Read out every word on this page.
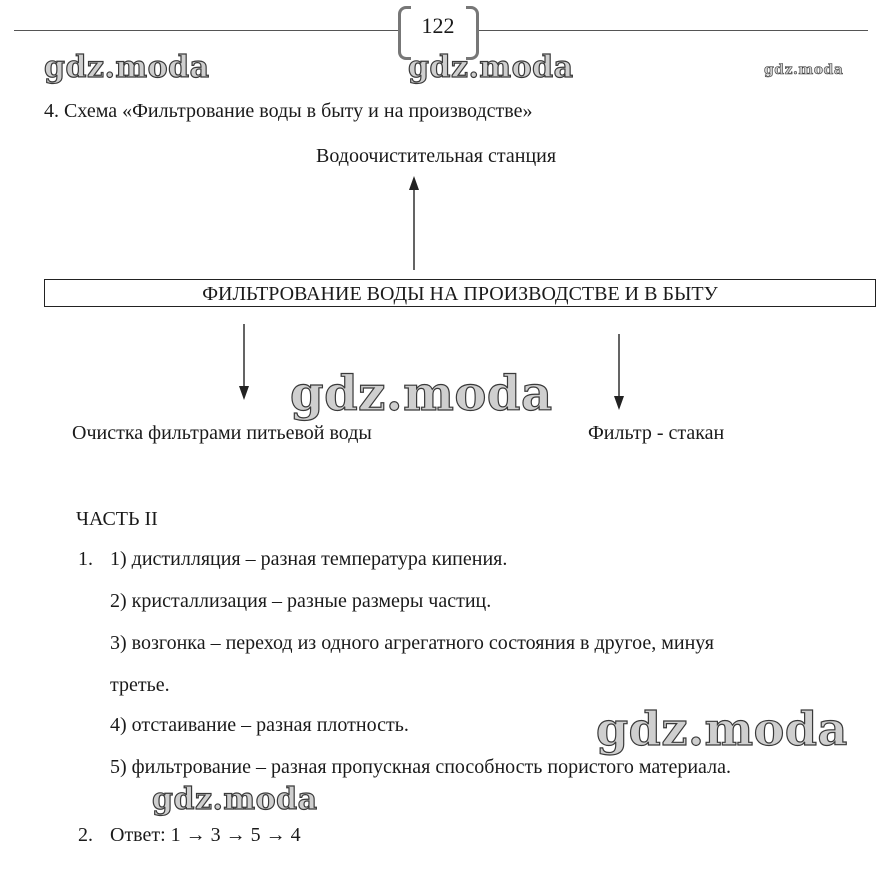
122
gdz.moda	gdz.moda	gdz.moda
gdz.moda
gdz.moda
gdz.moda
4. Схема «Фильтрование воды в быту и на производстве»
Водоочистительная станция
ФИЛЬТРОВАНИЕ ВОДЫ НА ПРОИЗВОДСТВЕ И В БЫТУ
Очистка фильтрами питьевой воды	Фильтр - стакан
ЧАСТЬ II
1. 1) дистилляция – разная температура кипения.
2) кристаллизация – разные размеры частиц.
3) возгонка – переход из одного агрегатного состояния в другое, минуя
третье.
4) отстаивание – разная плотность.
5) фильтрование – разная пропускная способность пористого материала.
2. Ответ: 1 → 3 → 5 → 4
